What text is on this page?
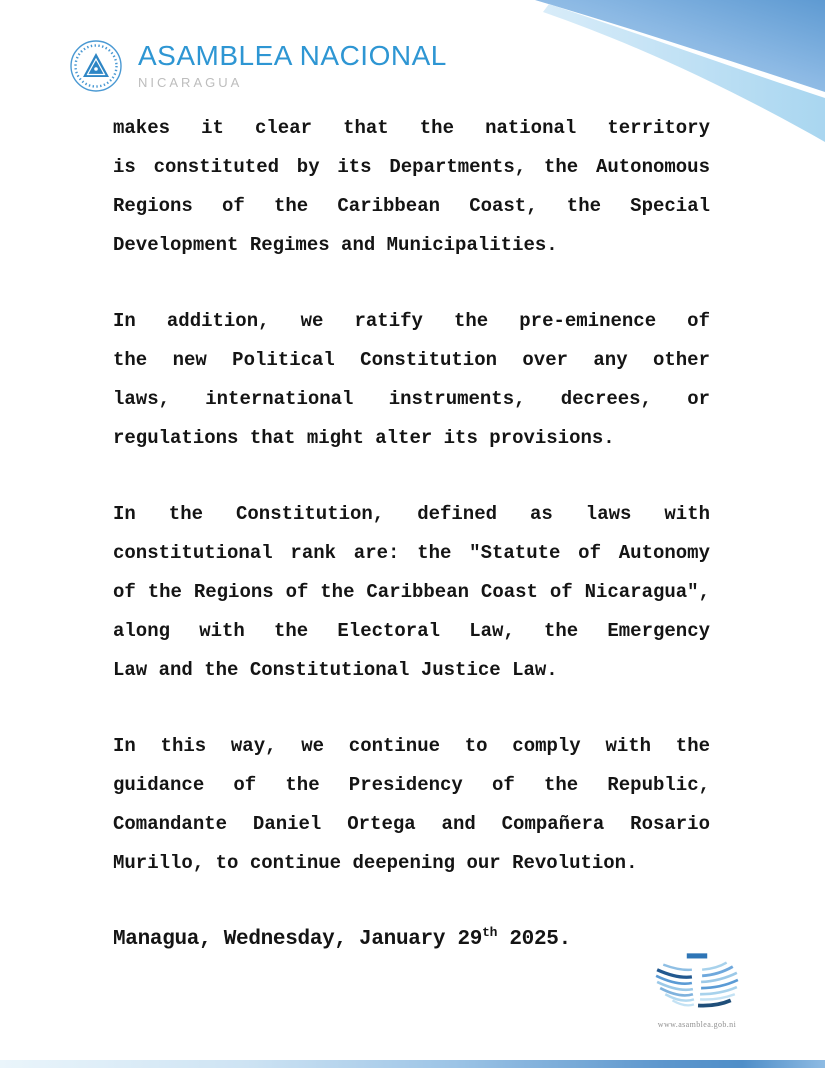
ASAMBLEA NACIONAL
NICARAGUA
makes it clear that the national territory
is constituted by its Departments, the Autonomous
Regions of the Caribbean Coast, the Special
Development Regimes and Municipalities.
In addition, we ratify the pre-eminence of
the new Political Constitution over any other
laws, international instruments, decrees, or
regulations that might alter its provisions.
In the Constitution, defined as laws with
constitutional rank are: the "Statute of Autonomy
of the Regions of the Caribbean Coast of Nicaragua",
along with the Electoral Law, the Emergency
Law and the Constitutional Justice Law.
In this way, we continue to comply with the
guidance of the Presidency of the Republic,
Comandante Daniel Ortega and Compañera Rosario
Murillo, to continue deepening our Revolution.
Managua, Wednesday, January 29th 2025.
www.asamblea.gob.ni
